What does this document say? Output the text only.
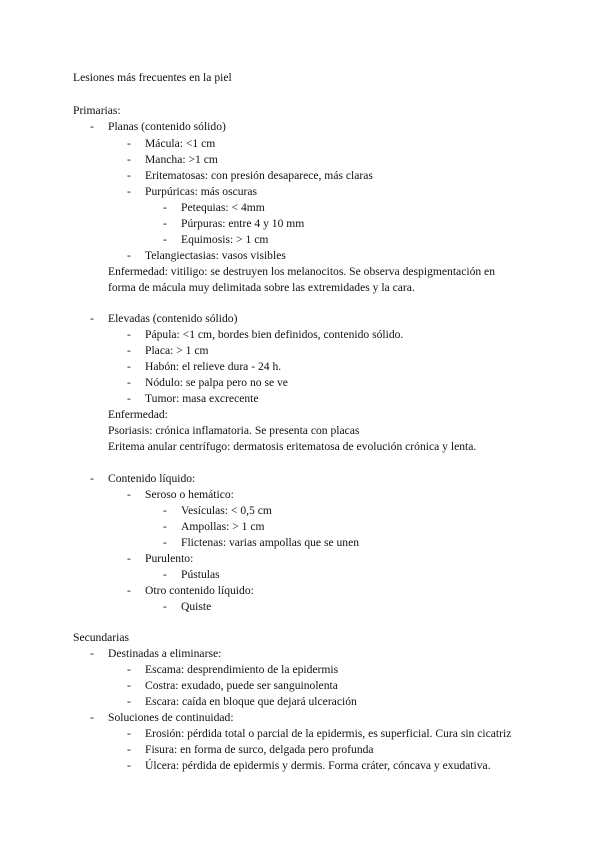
Lesiones más frecuentes en la piel
Primarias:
-	Planas (contenido sólido)
-	Mácula: <1 cm
-	Mancha: >1 cm
-	Eritematosas: con presión desaparece, más claras
-	Purpúricas: más oscuras
-	Petequias: < 4mm
-	Púrpuras: entre 4 y 10 mm
-	Equimosis: > 1 cm
-	Telangiectasias: vasos visibles
Enfermedad: vitiligo: se destruyen los melanocitos. Se observa despigmentación en
forma de mácula muy delimitada sobre las extremidades y la cara.
-	Elevadas (contenido sólido)
-	Pápula: <1 cm, bordes bien definidos, contenido sólido.
-	Placa: > 1 cm
-	Habón: el relieve dura - 24 h.
-	Nódulo: se palpa pero no se ve
-	Tumor: masa excrecente
Enfermedad:
Psoriasis: crónica inflamatoria. Se presenta con placas
Eritema anular centrífugo: dermatosis eritematosa de evolución crónica y lenta.
-	Contenido líquido:
-	Seroso o hemático:
-	Vesículas: < 0,5 cm
-	Ampollas: > 1 cm
-	Flictenas: varias ampollas que se unen
-	Purulento:
-	Pústulas
-	Otro contenido líquido:
-	Quiste
Secundarias
-	Destinadas a eliminarse:
-	Escama: desprendimiento de la epidermis
-	Costra: exudado, puede ser sanguinolenta
-	Escara: caída en bloque que dejará ulceración
-	Soluciones de continuidad:
-	Erosión: pérdida total o parcial de la epidermis, es superficial. Cura sin cicatriz
-	Fisura: en forma de surco, delgada pero profunda
-	Úlcera: pérdida de epidermis y dermis. Forma cráter, cóncava y exudativa.
